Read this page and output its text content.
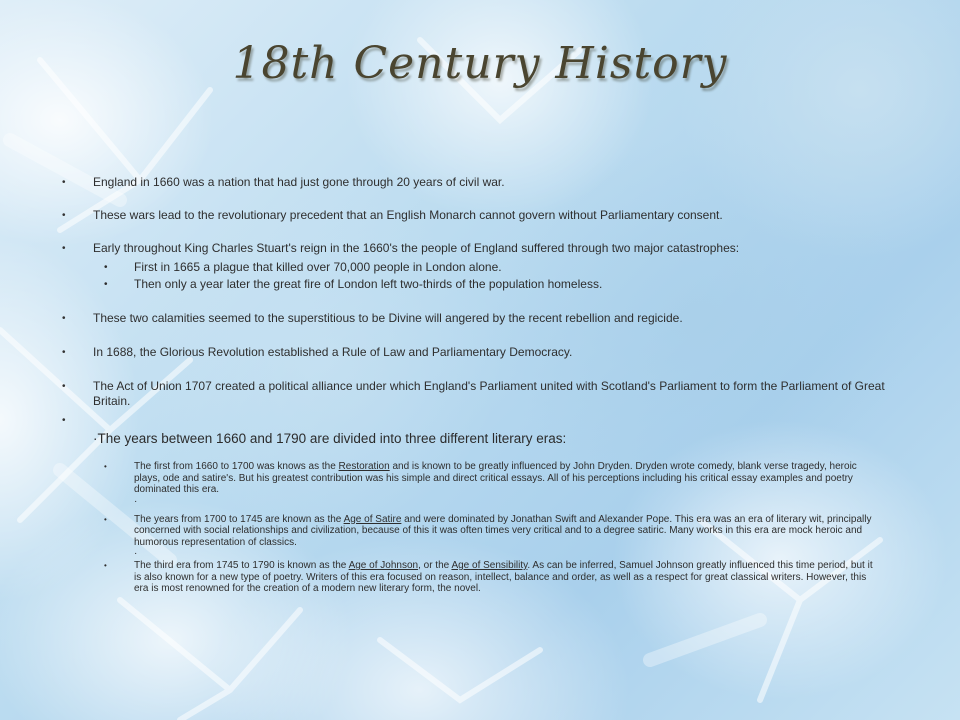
18th Century History

• England in 1660 was a nation that had just gone through 20 years of civil war.

• These wars lead to the revolutionary precedent that an English Monarch cannot govern without Parliamentary consent.

• Early throughout King Charles Stuart's reign in the 1660's the people of England suffered through two major catastrophes:

• First in 1665 a plague that killed over 70,000 people in London alone.
• Then only a year later the great fire of London left two-thirds of the population homeless.

• These two calamities seemed to the superstitious to be Divine will angered by the recent rebellion and regicide.

• In 1688, the Glorious Revolution established a Rule of Law and Parliamentary Democracy.

• The Act of Union 1707 created a political alliance under which England's Parliament united with Scotland's Parliament to form the Parliament of Great Britain.

•

·The years between 1660 and 1790 are divided into three different literary eras:

• The first from 1660 to 1700 was knows as the Restoration and is known to be greatly influenced by John Dryden. Dryden wrote comedy, blank verse tragedy, heroic plays, ode and satire's. But his greatest contribution was his simple and direct critical essays. All of his perceptions including his critical essay examples and poetry dominated this era.
·
• The years from 1700 to 1745 are known as the Age of Satire and were dominated by Jonathan Swift and Alexander Pope. This era was an era of literary wit, principally concerned with social relationships and civilization, because of this it was often times very critical and to a degree satiric. Many works in this era are mock heroic and humorous representation of classics.
·
• The third era from 1745 to 1790 is known as the Age of Johnson, or the Age of Sensibility. As can be inferred, Samuel Johnson greatly influenced this time period, but it is also known for a new type of poetry. Writers of this era focused on reason, intellect, balance and order, as well as a respect for great classical writers. However, this era is most renowned for the creation of a modern new literary form, the novel.
